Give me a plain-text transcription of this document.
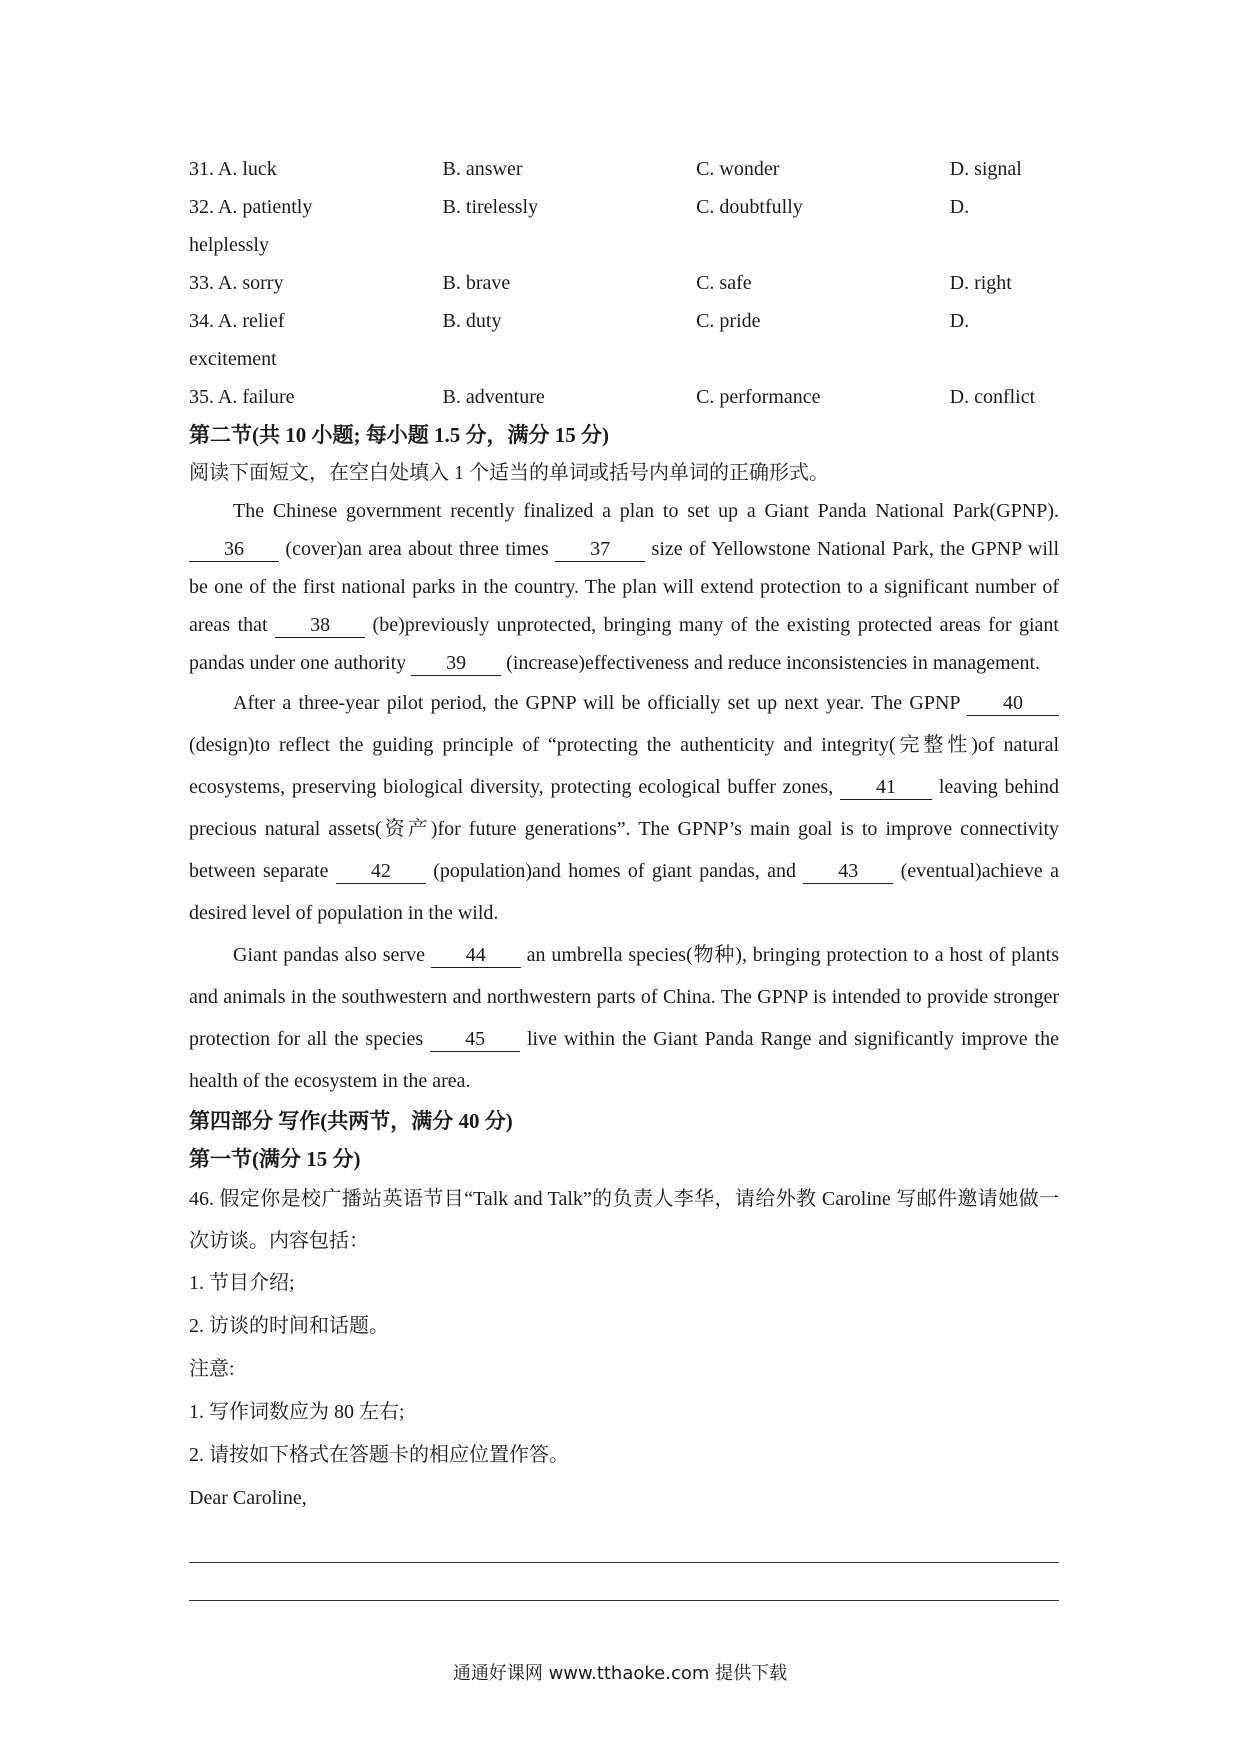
31. A. luck	B. answer	C. wonder	D. signal
32. A. patiently	B. tirelessly	C. doubtfully	D.
helplessly
33. A. sorry	B. brave	C. safe	D. right
34. A. relief	B. duty	C. pride	D.
excitement
35. A. failure	B. adventure	C. performance	D. conflict
第二节(共 10 小题; 每小题 1.5 分，满分 15 分)
阅读下面短文，在空白处填入 1 个适当的单词或括号内单词的正确形式。

The Chinese government recently finalized a plan to set up a Giant Panda National Park(GPNP). 36 (cover)an area about three times 37 size of Yellowstone National Park, the GPNP will be one of the first national parks in the country. The plan will extend protection to a significant number of areas that 38 (be)previously unprotected, bringing many of the existing protected areas for giant pandas under one authority 39 (increase)effectiveness and reduce inconsistencies in management.

After a three-year pilot period, the GPNP will be officially set up next year. The GPNP 40 (design)to reflect the guiding principle of “protecting the authenticity and integrity(完整性)of natural ecosystems, preserving biological diversity, protecting ecological buffer zones, 41 leaving behind precious natural assets(资产)for future generations”. The GPNP’s main goal is to improve connectivity between separate 42 (population)and homes of giant pandas, and 43 (eventual)achieve a desired level of population in the wild.

Giant pandas also serve 44 an umbrella species(物种), bringing protection to a host of plants and animals in the southwestern and northwestern parts of China. The GPNP is intended to provide stronger protection for all the species 45 live within the Giant Panda Range and significantly improve the health of the ecosystem in the area.

第四部分 写作(共两节，满分 40 分)
第一节(满分 15 分)

46. 假定你是校广播站英语节目“Talk and Talk”的负责人李华，请给外教 Caroline 写邮件邀请她做一次访谈。内容包括：

1. 节目介绍;
2. 访谈的时间和话题。
注意:
1. 写作词数应为 80 左右;
2. 请按如下格式在答题卡的相应位置作答。
Dear Caroline,
通通好课网 www.tthaoke.com 提供下载
